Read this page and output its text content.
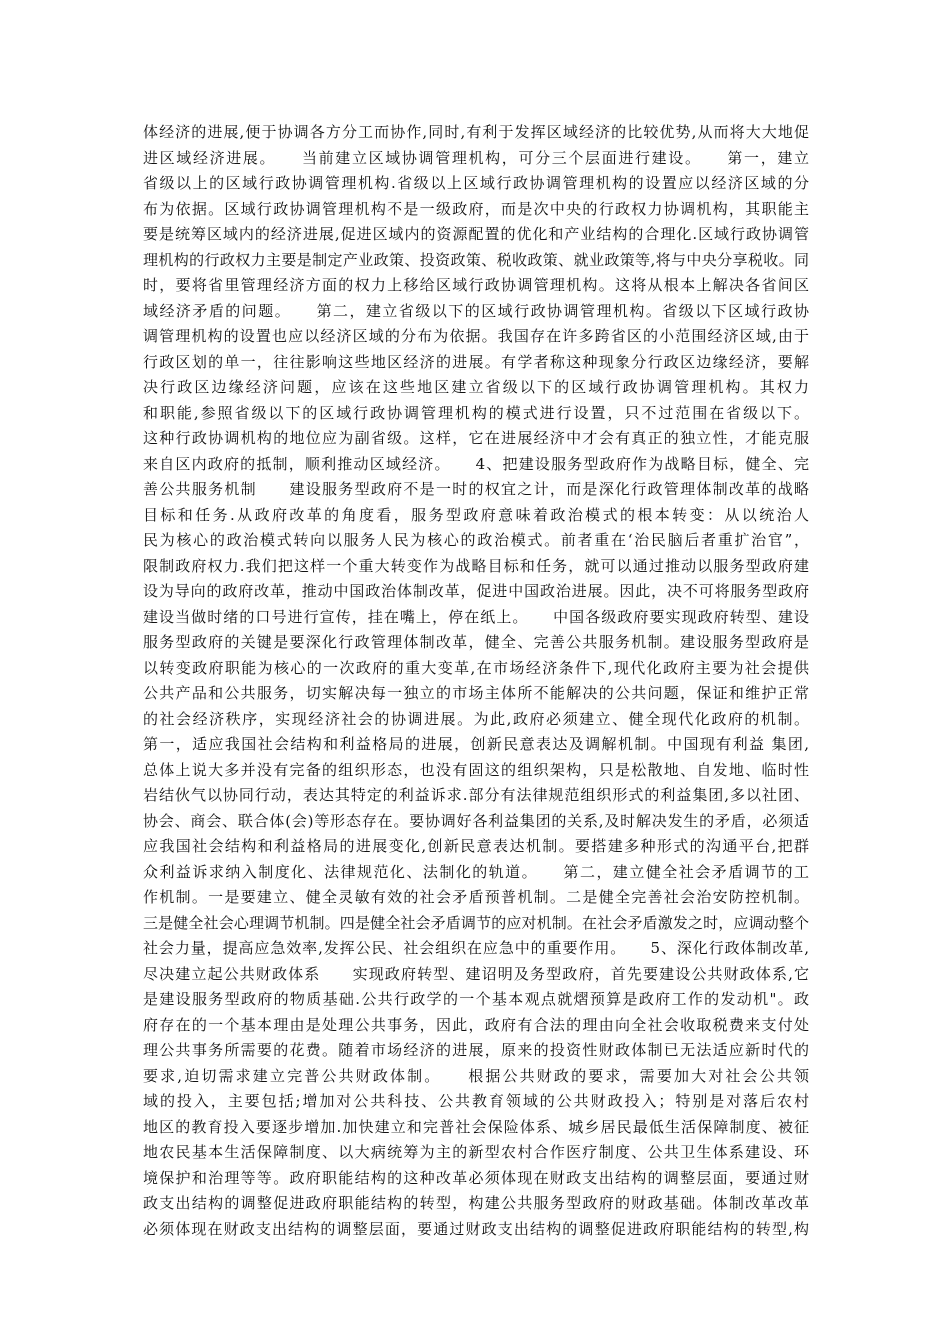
体经济的进展,便于协调各方分工而协作,同时,有利于发挥区域经济的比较优势,从而将大大地促
进区域经济进展。　　当前建立区域协调管理机构，可分三个层面进行建设。　　第一，建立
省级以上的区域行政协调管理机构.省级以上区域行政协调管理机构的设置应以经济区域的分
布为依据。区域行政协调管理机构不是一级政府，而是次中央的行政权力协调机构，其职能主
要是统筹区域内的经济进展,促进区域内的资源配置的优化和产业结构的合理化.区域行政协调管
理机构的行政权力主要是制定产业政策、投资政策、税收政策、就业政策等,将与中央分享税收。同
时，要将省里管理经济方面的权力上移给区域行政协调管理机构。这将从根本上解决各省间区
域经济矛盾的问题。　　第二，建立省级以下的区域行政协调管理机构。省级以下区域行政协
调管理机构的设置也应以经济区域的分布为依据。我国存在许多跨省区的小范围经济区域,由于
行政区划的单一，往往影响这些地区经济的进展。有学者称这种现象分行政区边缘经济，要解
决行政区边缘经济问题，应该在这些地区建立省级以下的区域行政协调管理机构。其权力
和职能,参照省级以下的区域行政协调管理机构的模式进行设置，只不过范围在省级以下。
这种行政协调机构的地位应为副省级。这样，它在进展经济中才会有真正的独立性，才能克服
来自区内政府的抵制，顺利推动区域经济。　　4、把建设服务型政府作为战略目标，健全、完
善公共服务机制　　建设服务型政府不是一时的权宜之计，而是深化行政管理体制改革的战略
目标和任务.从政府改革的角度看，服务型政府意味着政治模式的根本转变：从以统治人
民为核心的政治模式转向以服务人民为核心的政治模式。前者重在‘治民脑后者重扩治官”，
限制政府权力.我们把这样一个重大转变作为战略目标和任务，就可以通过推动以服务型政府建
设为导向的政府改革，推动中国政治体制改革，促进中国政治进展。因此，决不可将服务型政府
建设当做时绪的口号进行宣传，挂在嘴上，停在纸上。　　中国各级政府要实现政府转型、建设
服务型政府的关键是要深化行政管理体制改革，健全、完善公共服务机制。建设服务型政府是
以转变政府职能为核心的一次政府的重大变革,在市场经济条件下,现代化政府主要为社会提供
公共产品和公共服务，切实解决每一独立的市场主体所不能解决的公共问题，保证和维护正常
的社会经济秩序，实现经济社会的协调进展。为此,政府必须建立、健全现代化政府的机制。
第一，适应我国社会结构和利益格局的进展，创新民意表达及调解机制。中国现有利益 集团,
总体上说大多并没有完备的组织形态，也没有固这的组织架构，只是松散地、自发地、临时性
岩结伙气以协同行动，表达其特定的利益诉求.部分有法律规范组织形式的利益集团,多以社团、
协会、商会、联合体(会)等形态存在。要协调好各利益集团的关系,及时解决发生的矛盾，必须适
应我国社会结构和利益格局的进展变化,创新民意表达机制。要搭建多种形式的沟通平台,把群
众利益诉求纳入制度化、法律规范化、法制化的轨道。　　第二，建立健全社会矛盾调节的工
作机制。一是要建立、健全灵敏有效的社会矛盾预普机制。二是健全完善社会治安防控机制。
三是健全社会心理调节机制。四是健全社会矛盾调节的应对机制。在社会矛盾激发之时，应调动整个
社会力量，提高应急效率,发挥公民、社会组织在应急中的重要作用。　　5、深化行政体制改革,
尽决建立起公共财政体系　　实现政府转型、建诏明及务型政府，首先要建设公共财政体系,它
是建设服务型政府的物质基础.公共行政学的一个基本观点就熠预算是政府工作的发动机"。政
府存在的一个基本理由是处理公共事务，因此，政府有合法的理由向全社会收取税费来支付处
理公共事务所需要的花费。随着市场经济的进展，原来的投资性财政体制已无法适应新时代的
要求,迫切需求建立完普公共财政体制。　　根据公共财政的要求，需要加大对社会公共领
域的投入，主要包括;增加对公共科技、公共教育领域的公共财政投入；特别是对落后农村
地区的教育投入要逐步增加.加快建立和完普社会保险体系、城乡居民最低生活保障制度、被征
地农民基本生活保障制度、以大病统筹为主的新型农村合作医疗制度、公共卫生体系建设、环
境保护和治理等等。政府职能结构的这种改革必须体现在财政支出结构的调整层面，要通过财
政支出结构的调整促进政府职能结构的转型，构建公共服务型政府的财政基础。体制改革改革
必须体现在财政支出结构的调整层面，要通过财政支出结构的调整促进政府职能结构的转型,构
